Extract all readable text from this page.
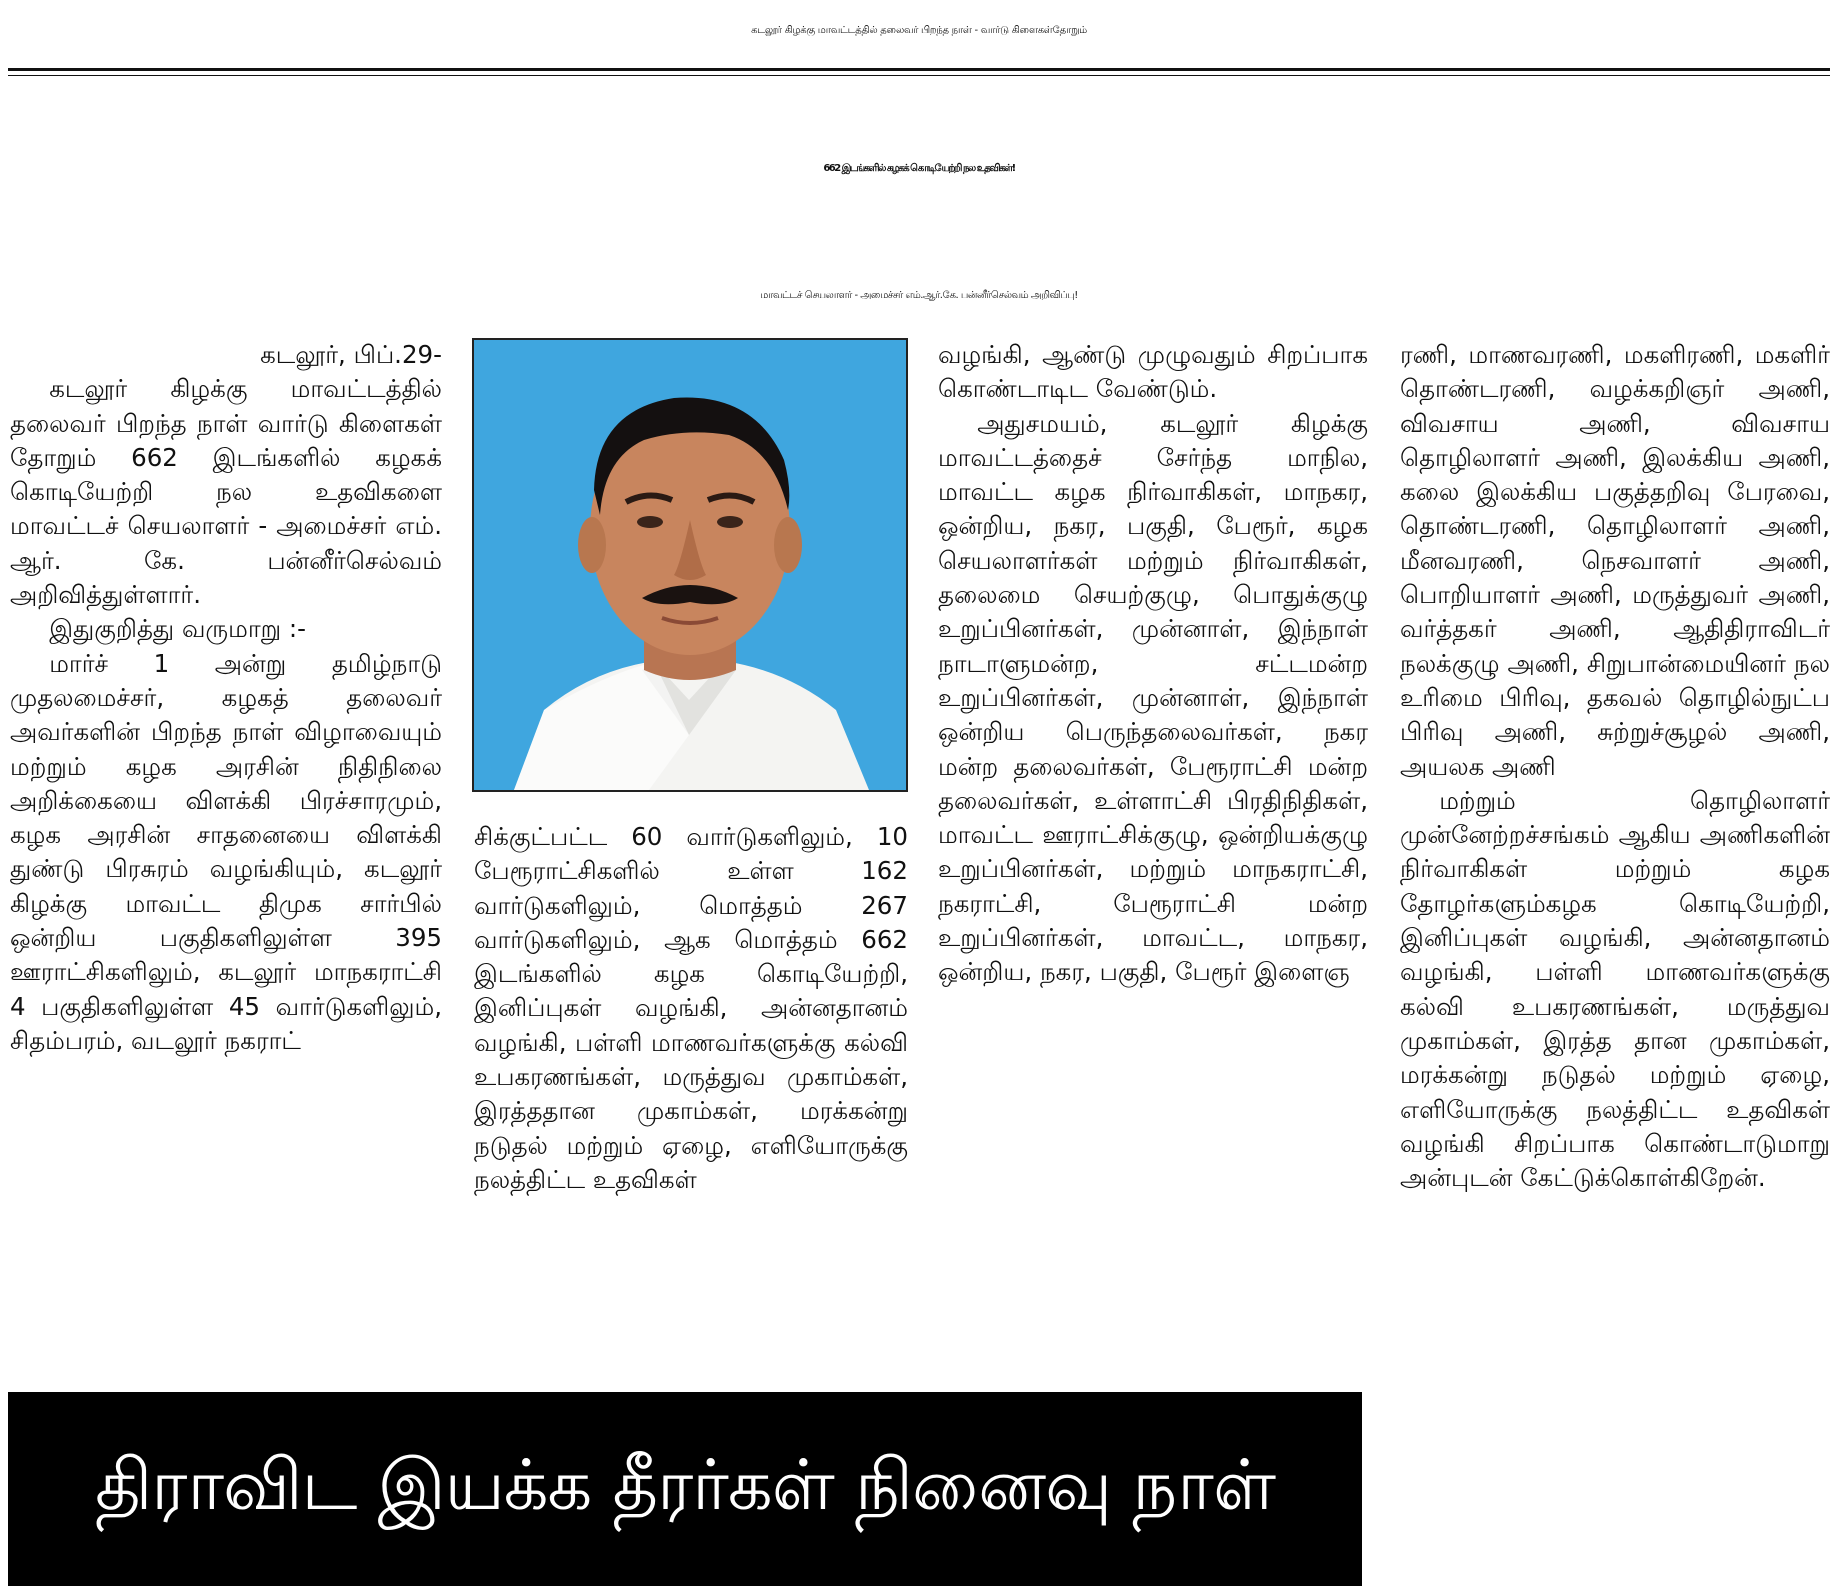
கடலூர் கிழக்கு மாவட்டத்தில் தலைவர் பிறந்த நாள் - வார்டு கிளைகள்தோறும்
662 இடங்களில் கழகக் கொடியேற்றி நல உதவிகள்!
மாவட்டச் செயலாளர் - அமைச்சர் எம்.ஆர்.கே. பன்னீர்செல்வம் அறிவிப்பு!

கடலூர், பிப்.29-

கடலூர் கிழக்கு மாவட்டத்தில் தலைவர் பிறந்த நாள் வார்டு கிளைகள் தோறும் 662 இடங்களில் கழகக் கொடியேற்றி நல உதவிகளை மாவட்டச் செயலாளர் - அமைச்சர் எம். ஆர். கே. பன்னீர்செல்வம் அறிவித்துள்ளார்.

இதுகுறித்து வருமாறு :-

மார்ச் 1 அன்று தமிழ்நாடு முதலமைச்சர், கழகத் தலைவர் அவர்களின் பிறந்த நாள் விழாவையும் மற்றும் கழக அரசின் நிதிநிலை அறிக்கையை விளக்கி பிரச்சாரமும், கழக அரசின் சாதனையை விளக்கி துண்டு பிரசுரம் வழங்கியும், கடலூர் கிழக்கு மாவட்ட திமுக சார்பில் ஒன்றிய பகுதிகளிலுள்ள 395 ஊராட்சிகளிலும், கடலூர் மாநகராட்சி 4 பகுதிகளிலுள்ள 45 வார்டுகளிலும், சிதம்பரம், வடலூர் நகராட்

சிக்குட்பட்ட 60 வார்டுகளிலும், 10 பேரூராட்சிகளில் உள்ள 162 வார்டுகளிலும், மொத்தம் 267 வார்டுகளிலும், ஆக மொத்தம் 662 இடங்களில் கழக கொடியேற்றி, இனிப்புகள் வழங்கி, அன்னதானம் வழங்கி, பள்ளி மாணவர்களுக்கு கல்வி உபகரணங்கள், மருத்துவ முகாம்கள், இரத்ததான முகாம்கள், மரக்கன்று நடுதல் மற்றும் ஏழை, எளியோருக்கு நலத்திட்ட உதவிகள்

வழங்கி, ஆண்டு முழுவதும் சிறப்பாக கொண்டாடிட வேண்டும்.

அதுசமயம், கடலூர் கிழக்கு மாவட்டத்தைச் சேர்ந்த மாநில, மாவட்ட கழக நிர்வாகிகள், மாநகர, ஒன்றிய, நகர, பகுதி, பேரூர், கழக செயலாளர்கள் மற்றும் நிர்வாகிகள், தலைமை செயற்குழு, பொதுக்குழு உறுப்பினர்கள், முன்னாள், இந்நாள் நாடாளுமன்ற, சட்டமன்ற உறுப்பினர்கள், முன்னாள், இந்நாள் ஒன்றிய பெருந்தலைவர்கள், நகர மன்ற தலைவர்கள், பேரூராட்சி மன்ற தலைவர்கள், உள்ளாட்சி பிரதிநிதிகள், மாவட்ட ஊராட்சிக்குழு, ஒன்றியக்குழு உறுப்பினர்கள், மற்றும் மாநகராட்சி, நகராட்சி, பேரூராட்சி மன்ற உறுப்பினர்கள், மாவட்ட, மாநகர, ஒன்றிய, நகர, பகுதி, பேரூர் இளைஞ

ரணி, மாணவரணி, மகளிரணி, மகளிர் தொண்டரணி, வழக்கறிஞர் அணி, விவசாய அணி, விவசாய தொழிலாளர் அணி, இலக்கிய அணி, கலை இலக்கிய பகுத்தறிவு பேரவை, தொண்டரணி, தொழிலாளர் அணி, மீனவரணி, நெசவாளர் அணி, பொறியாளர் அணி, மருத்துவர் அணி, வர்த்தகர் அணி, ஆதிதிராவிடர் நலக்குழு அணி, சிறுபான்மையினர் நல உரிமை பிரிவு, தகவல் தொழில்நுட்ப பிரிவு அணி, சுற்றுச்சூழல் அணி, அயலக அணி

மற்றும் தொழிலாளர் முன்னேற்றச்சங்கம் ஆகிய அணிகளின் நிர்வாகிகள் மற்றும் கழக தோழர்களும்கழக கொடியேற்றி, இனிப்புகள் வழங்கி, அன்னதானம் வழங்கி, பள்ளி மாணவர்களுக்கு கல்வி உபகரணங்கள், மருத்துவ முகாம்கள், இரத்த தான முகாம்கள், மரக்கன்று நடுதல் மற்றும் ஏழை, எளியோருக்கு நலத்திட்ட உதவிகள் வழங்கி சிறப்பாக கொண்டாடுமாறு அன்புடன் கேட்டுக்கொள்கிறேன்.

திராவிட இயக்க தீரர்கள் நினைவு நாள்
